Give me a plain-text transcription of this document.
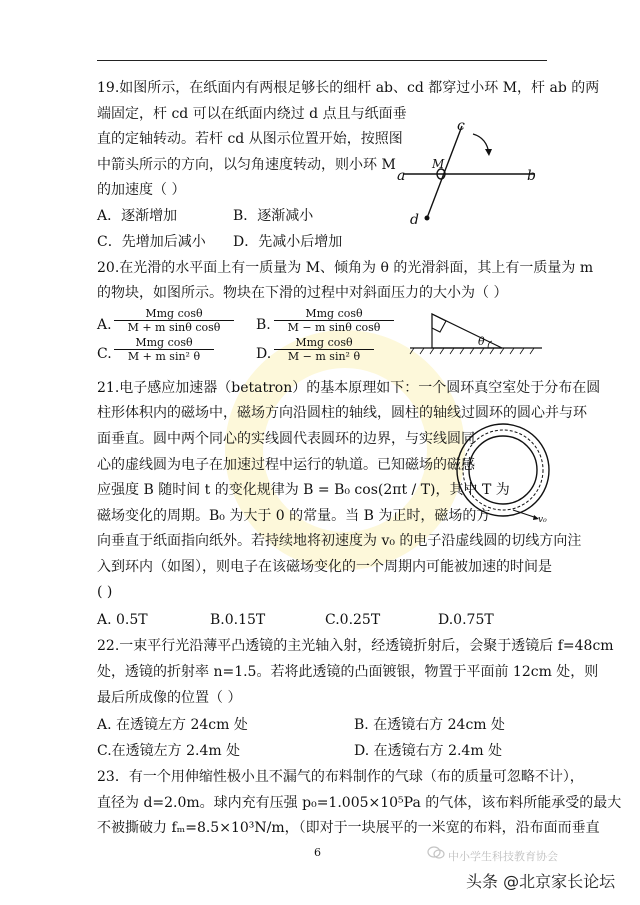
19.如图所示，在纸面内有两根足够长的细杆 ab、cd 都穿过小环 M，杆 ab 的两
端固定，杆 cd 可以在纸面内绕过 d 点且与纸面垂
直的定轴转动。若杆 cd 从图示位置开始，按照图
中箭头所示的方向，以匀角速度转动，则小环 M
的加速度（ ）
A．逐渐增加	B．逐渐减小
C．先增加后减小 D．先减小后增加
c
M
a	b
d
20.在光滑的水平面上有一质量为 M、倾角为 θ 的光滑斜面，其上有一质量为 m
的物块，如图所示。物块在下滑的过程中对斜面压力的大小为（ ）
A.
Mmg cosθ
M + m sinθ cosθ	B.
Mmg cosθ
M − m sinθ cosθ
C.
Mmg cosθ
M + m sin² θ	D.
Mmg cosθ
M − m sin² θ
θ
21.电子感应加速器（betatron）的基本原理如下：一个圆环真空室处于分布在圆
柱形体积内的磁场中，磁场方向沿圆柱的轴线，圆柱的轴线过圆环的圆心并与环
面垂直。圆中两个同心的实线圆代表圆环的边界，与实线圆同
心的虚线圆为电子在加速过程中运行的轨道。已知磁场的磁感
应强度 B 随时间 t 的变化规律为 B = B₀ cos(2πt / T)，其中 T 为
磁场变化的周期。B₀ 为大于 0 的常量。当 B 为正时，磁场的方
向垂直于纸面指向纸外。若持续地将初速度为 v₀ 的电子沿虚线圆的切线方向注
入到环内（如图），则电子在该磁场变化的一个周期内可能被加速的时间是
( )
A. 0.5T	B.0.15T	C.0.25T	D.0.75T
v₀
22.一束平行光沿薄平凸透镜的主光轴入射，经透镜折射后，会聚于透镜后 f=48cm
处，透镜的折射率 n=1.5。若将此透镜的凸面镀银，物置于平面前 12cm 处，则
最后所成像的位置（ ）
A. 在透镜左方 24cm 处	B. 在透镜右方 24cm 处
C.在透镜左方 2.4m 处	D. 在透镜右方 2.4m 处
23．有一个用伸缩性极小且不漏气的布料制作的气球（布的质量可忽略不计），
直径为 d=2.0m。球内充有压强 p₀=1.005×10⁵Pa 的气体，该布料所能承受的最大
不被撕破力 fₘ=8.5×10³N/m，（即对于一块展平的一米宽的布料，沿布面而垂直
6	中小学生科技教育协会
头条 @北京家长论坛
